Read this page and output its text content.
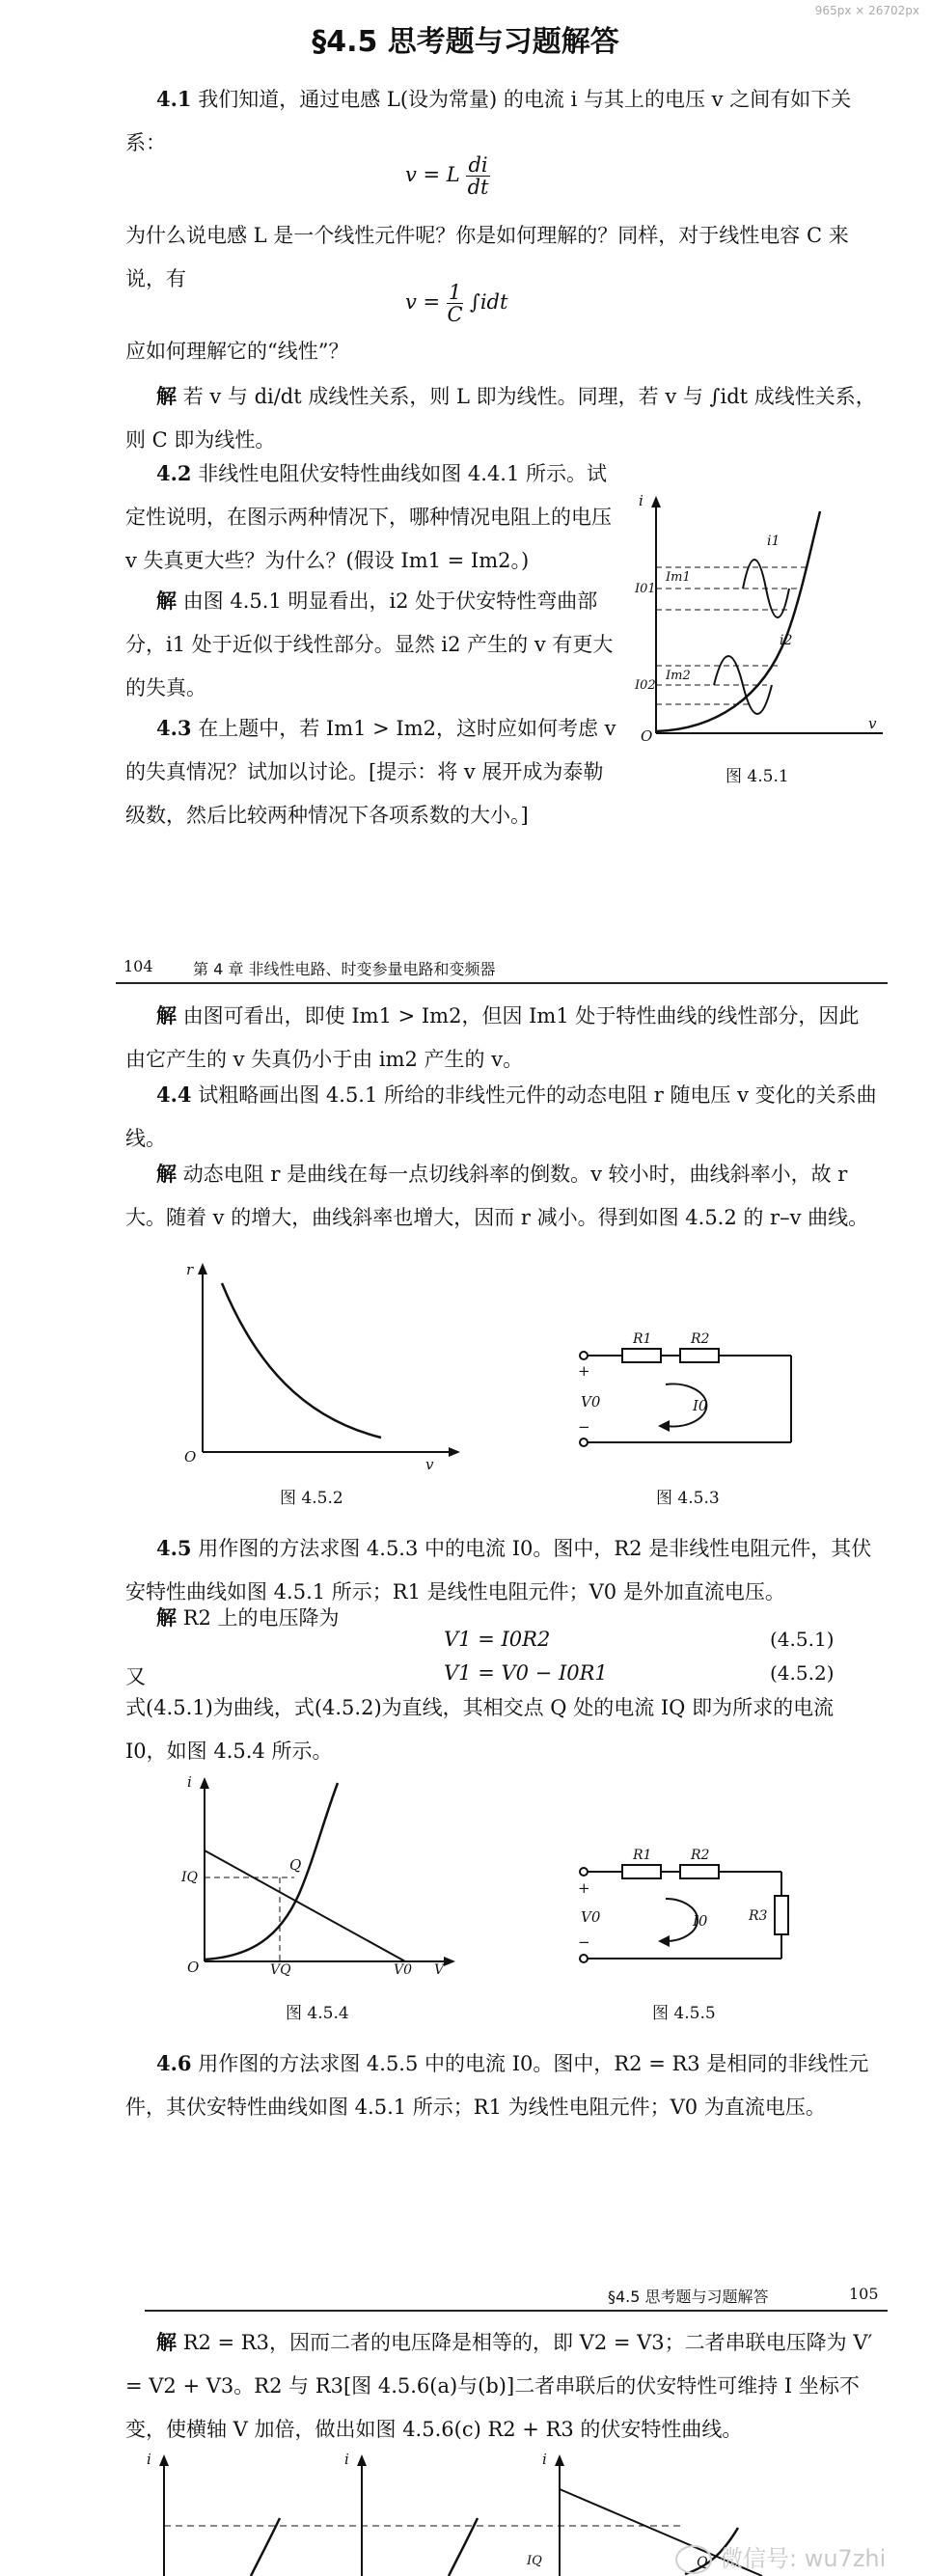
965px × 26702px
§4.5 思考题与习题解答

4.1 我们知道，通过电感 L(设为常量) 的电流 i 与其上的电压 v 之间有如下关系：

v = L $\frac{di}{dt}$

为什么说电感 L 是一个线性元件呢？你是如何理解的？同样，对于线性电容 C 来说，有

$v = \frac{1}{C} \int idt$

应如何理解它的“线性”？

解 若 v 与 di/dt 成线性关系，则 L 即为线性。同理，若 v 与 ∫idt 成线性关系，则 C 即为线性。

4.2 非线性电阻伏安特性曲线如图 4.4.1 所示。试定性说明，在图示两种情况下，哪种情况电阻上的电压 v 失真更大些？为什么？(假设 Im1 = Im2。)

解 由图 4.5.1 明显看出，i2 处于伏安特性弯曲部分，i1 处于近似于线性部分。显然 i2 产生的 v 有更大的失真。

4.3 在上题中，若 Im1 > Im2，这时应如何考虑 v 的失真情况？试加以讨论。[提示：将 v 展开成为泰勒级数，然后比较两种情况下各项系数的大小。]

i
I01
Im1
i1
I02
Im2
i2
O
v
图 4.5.1
104	第 4 章 非线性电路、时变参量电路和变频器

解 由图可看出，即使 Im1 > Im2，但因 Im1 处于特性曲线的线性部分，因此由它产生的 v 失真仍小于由 im2 产生的 v。

4.4 试粗略画出图 4.5.1 所给的非线性元件的动态电阻 r 随电压 v 变化的关系曲线。

解 动态电阻 r 是曲线在每一点切线斜率的倒数。v 较小时，曲线斜率小，故 r 大。随着 v 的增大，曲线斜率也增大，因而 r 减小。得到如图 4.5.2 的 r–v 曲线。

r
O	v
图 4.5.2
R1	R2
+
V0
−
I0
图 4.5.3

4.5 用作图的方法求图 4.5.3 中的电流 I0。图中，R2 是非线性电阻元件，其伏安特性曲线如图 4.5.1 所示；R1 是线性电阻元件；V0 是外加直流电压。

解 R2 上的电压降为

V1 = I0R2	(4.5.1)
又	V1 = V0 − I0R1	(4.5.2)

式(4.5.1)为曲线，式(4.5.2)为直线，其相交点 Q 处的电流 IQ 即为所求的电流 I0，如图 4.5.4 所示。

i
IQ
Q
O	VQ	V0 V
图 4.5.4
R1	R2
R3
+
V0
−
I0
图 4.5.5

4.6 用作图的方法求图 4.5.5 中的电流 I0。图中，R2 = R3 是相同的非线性元件，其伏安特性曲线如图 4.5.1 所示；R1 为线性电阻元件；V0 为直流电压。

§4.5 思考题与习题解答	105

解 R2 = R3，因而二者的电压降是相等的，即 V2 = V3；二者串联电压降为 V′ = V2 + V3。R2 与 R3[图 4.5.6(a)与(b)]二者串联后的伏安特性可维持 I 坐标不变，使横轴 V 加倍，做出如图 4.5.6(c) R2 + R3 的伏安特性曲线。

i	i	i
IQ	Q 微信号: wu7zhi
